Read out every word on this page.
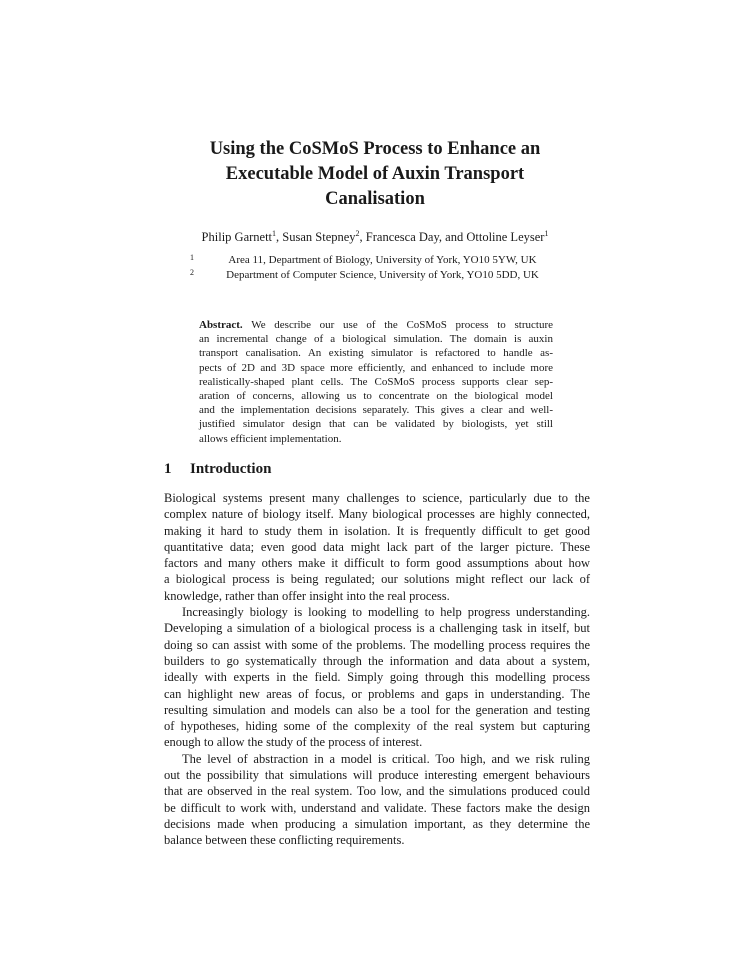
Using the CoSMoS Process to Enhance an
Executable Model of Auxin Transport
Canalisation
Philip Garnett$^1$, Susan Stepney$^2$, Francesca Day, and Ottoline Leyser$^1$
1	Area 11, Department of Biology, University of York, YO10 5YW, UK
2	Department of Computer Science, University of York, YO10 5DD, UK
Abstract. We describe our use of the CoSMoS process to structure
an incremental change of a biological simulation. The domain is auxin
transport canalisation. An existing simulator is refactored to handle as-
pects of 2D and 3D space more efficiently, and enhanced to include more
realistically-shaped plant cells. The CoSMoS process supports clear sep-
aration of concerns, allowing us to concentrate on the biological model
and the implementation decisions separately. This gives a clear and well-
justified simulator design that can be validated by biologists, yet still
allows efficient implementation.
1 Introduction
Biological systems present many challenges to science, particularly due to the
complex nature of biology itself. Many biological processes are highly connected,
making it hard to study them in isolation. It is frequently difficult to get good
quantitative data; even good data might lack part of the larger picture. These
factors and many others make it difficult to form good assumptions about how
a biological process is being regulated; our solutions might reflect our lack of
knowledge, rather than offer insight into the real process.
Increasingly biology is looking to modelling to help progress understanding.
Developing a simulation of a biological process is a challenging task in itself, but
doing so can assist with some of the problems. The modelling process requires the
builders to go systematically through the information and data about a system,
ideally with experts in the field. Simply going through this modelling process
can highlight new areas of focus, or problems and gaps in understanding. The
resulting simulation and models can also be a tool for the generation and testing
of hypotheses, hiding some of the complexity of the real system but capturing
enough to allow the study of the process of interest.
The level of abstraction in a model is critical. Too high, and we risk ruling
out the possibility that simulations will produce interesting emergent behaviours
that are observed in the real system. Too low, and the simulations produced could
be difficult to work with, understand and validate. These factors make the design
decisions made when producing a simulation important, as they determine the
balance between these conflicting requirements.
